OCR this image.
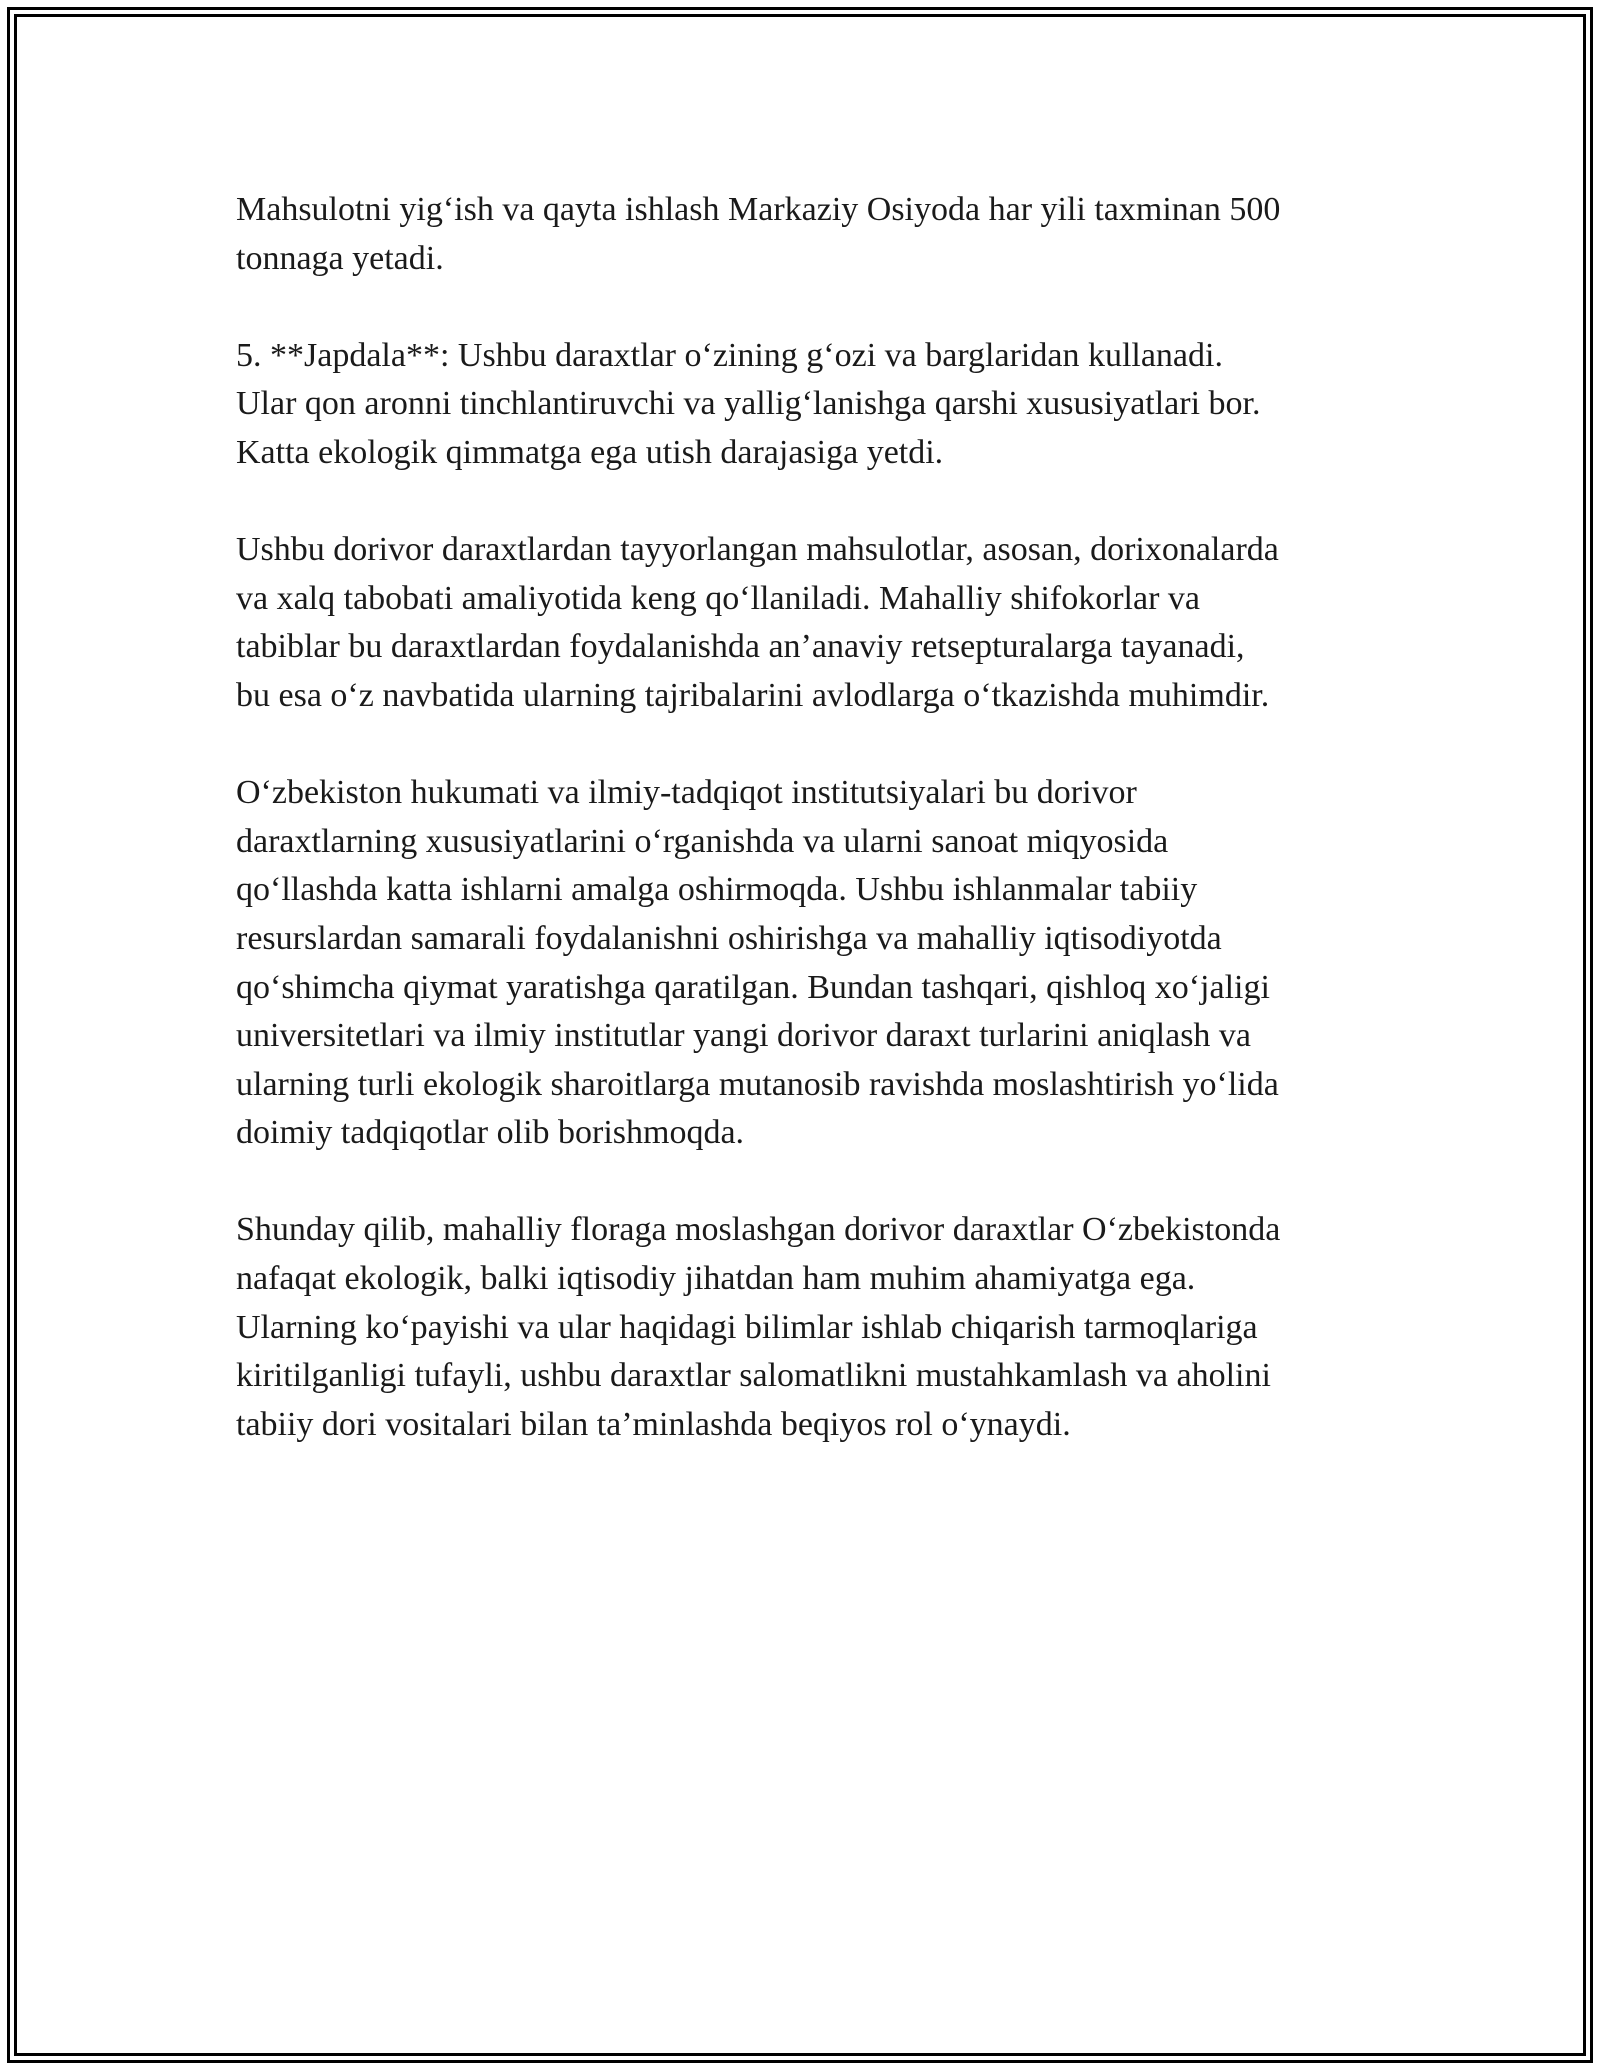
Mahsulotni yig‘ish va qayta ishlash Markaziy Osiyoda har yili taxminan 500
tonnaga yetadi.

5. **Japdala**: Ushbu daraxtlar o‘zining g‘ozi va barglaridan kullanadi.
Ular qon aronni tinchlantiruvchi va yallig‘lanishga qarshi xususiyatlari bor.
Katta ekologik qimmatga ega utish darajasiga yetdi.

Ushbu dorivor daraxtlardan tayyorlangan mahsulotlar, asosan, dorixonalarda
va xalq tabobati amaliyotida keng qo‘llaniladi. Mahalliy shifokorlar va
tabiblar bu daraxtlardan foydalanishda an’anaviy retsepturalarga tayanadi,
bu esa o‘z navbatida ularning tajribalarini avlodlarga o‘tkazishda muhimdir.

O‘zbekiston hukumati va ilmiy-tadqiqot institutsiyalari bu dorivor
daraxtlarning xususiyatlarini o‘rganishda va ularni sanoat miqyosida
qo‘llashda katta ishlarni amalga oshirmoqda. Ushbu ishlanmalar tabiiy
resurslardan samarali foydalanishni oshirishga va mahalliy iqtisodiyotda
qo‘shimcha qiymat yaratishga qaratilgan. Bundan tashqari, qishloq xo‘jaligi
universitetlari va ilmiy institutlar yangi dorivor daraxt turlarini aniqlash va
ularning turli ekologik sharoitlarga mutanosib ravishda moslashtirish yo‘lida
doimiy tadqiqotlar olib borishmoqda.

Shunday qilib, mahalliy floraga moslashgan dorivor daraxtlar O‘zbekistonda
nafaqat ekologik, balki iqtisodiy jihatdan ham muhim ahamiyatga ega.
Ularning ko‘payishi va ular haqidagi bilimlar ishlab chiqarish tarmoqlariga
kiritilganligi tufayli, ushbu daraxtlar salomatlikni mustahkamlash va aholini
tabiiy dori vositalari bilan ta’minlashda beqiyos rol o‘ynaydi.
